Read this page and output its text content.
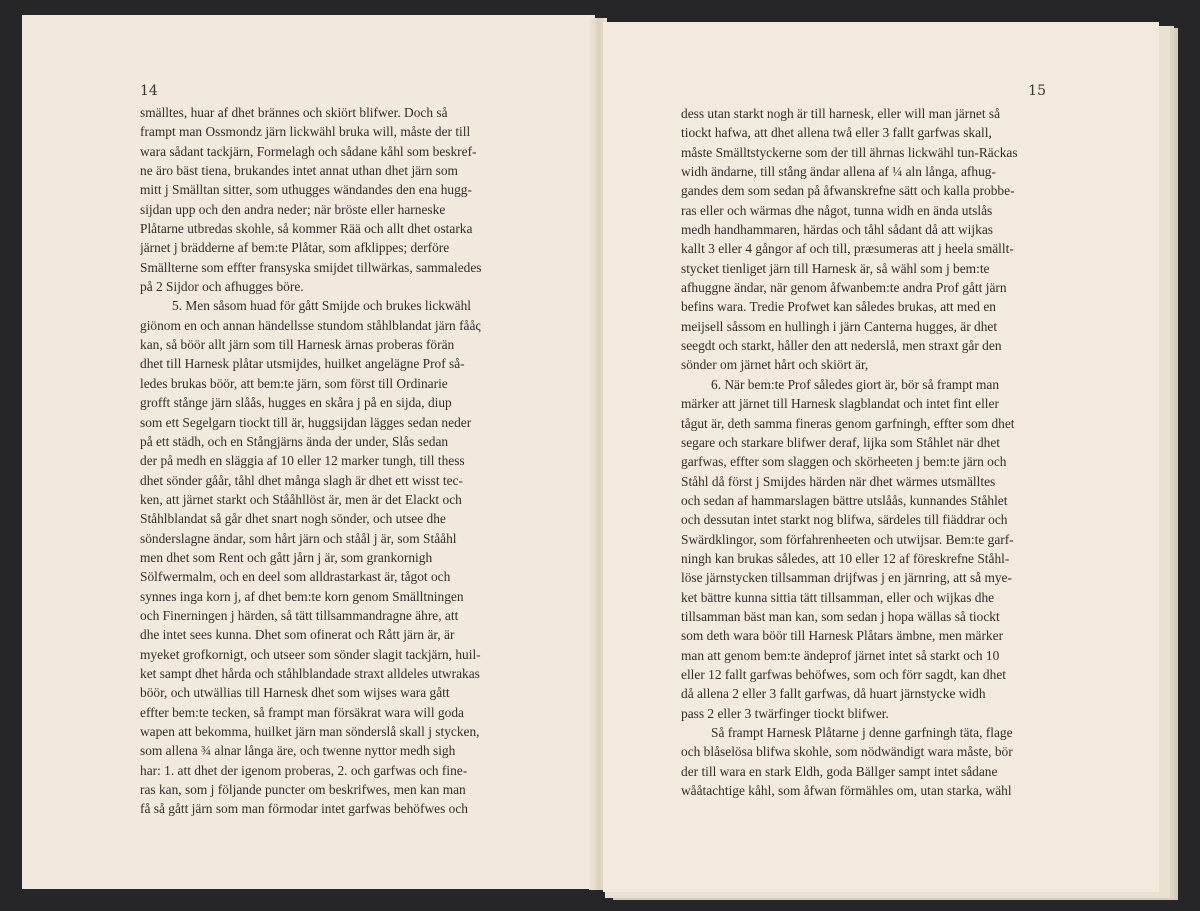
14
smälltes, huar af dhet brännes och skiört blifwer. Doch så
frampt man Ossmondz järn lickwähl bruka will, måste der till
wara sådant tackjärn, Formelagh och sådane kåhl som beskref-
ne äro bäst tiena, brukandes intet annat uthan dhet järn som
mitt j Smälltan sitter, som uthugges wändandes den ena hugg-
sijdan upp och den andra neder; när bröste eller harneske
Plåtarne utbredas skohle, så kommer Rää och allt dhet ostarka
järnet j brädderne af bem:te Plåtar, som afklippes; derföre
Smällterne som effter fransyska smijdet tillwärkas, sammaledes
på 2 Sijdor och afhugges böre.
5. Men såsom huad för gått Smijde och brukes lickwähl
giönom en och annan händellsse stundom ståhlblandat järn fååς
kan, så böör allt järn som till Harnesk ärnas proberas förän
dhet till Harnesk plåtar utsmijdes, huilket angelägne Prof så-
ledes brukas böör, att bem:te järn, som först till Ordinarie
grofft stånge järn slåås, hugges en skåra j på en sijda, diup
som ett Segelgarn tiockt till är, huggsijdan lägges sedan neder
på ett städh, och en Stångjärns ända der under, Slås sedan
der på medh en släggia af 10 eller 12 marker tungh, till thess
dhet sönder gåår, tåhl dhet många slagh är dhet ett wisst tec-
ken, att järnet starkt och Stååhllöst är, men är det Elackt och
Ståhlblandat så går dhet snart nogh sönder, och utsee dhe
sönderslagne ändar, som hårt järn och ståål j är, som Stååhl
men dhet som Rent och gått jårn j är, som grankornigh
Sölfwermalm, och en deel som alldrastarkast är, tågot och
synnes inga korn j, af dhet bem:te korn genom Smälltningen
och Finerningen j härden, så tätt tillsammandragne ähre, att
dhe intet sees kunna. Dhet som ofinerat och Rått järn är, är
myeket grofkornigt, och utseer som sönder slagit tackjärn, huil-
ket sampt dhet hårda och ståhlblandade straxt alldeles utwrakas
böör, och utwällias till Harnesk dhet som wijses wara gått
effter bem:te tecken, så frampt man försäkrat wara will goda
wapen att bekomma, huilket järn man sönderslå skall j stycken,
som allena ¾ alnar långa äre, och twenne nyttor medh sigh
har: 1. att dhet der igenom proberas, 2. och garfwas och fine-
ras kan, som j följande puncter om beskrifwes, men kan man
få så gått järn som man förmodar intet garfwas behöfwes och
15
dess utan starkt nogh är till harnesk, eller will man järnet så
tiockt hafwa, att dhet allena twå eller 3 fallt garfwas skall,
måste Smälltstyckerne som der till ährnas lickwähl tun-Räckas
widh ändarne, till stång ändar allena af ¼ aln långa, afhug-
gandes dem som sedan på åfwanskrefne sätt och kalla probbe-
ras eller och wärmas dhe något, tunna widh en ända utslås
medh handhammaren, härdas och tåhl sådant då att wijkas
kallt 3 eller 4 gångor af och till, præsumeras att j heela smällt-
stycket tienliget järn till Harnesk är, så wähl som j bem:te
afhuggne ändar, när genom åfwanbem:te andra Prof gått järn
befins wara. Tredie Profwet kan således brukas, att med en
meijsell såssom en hullingh i järn Canterna hugges, är dhet
seegdt och starkt, håller den att nederslå, men straxt går den
sönder om järnet hårt och skiört är,
6. När bem:te Prof således giort är, bör så frampt man
märker att järnet till Harnesk slagblandat och intet fint eller
tågut är, deth samma fineras genom garfningh, effter som dhet
segare och starkare blifwer deraf, lijka som Ståhlet när dhet
garfwas, effter som slaggen och skörheeten j bem:te järn och
Ståhl då först j Smijdes härden när dhet wärmes utsmälltes
och sedan af hammarslagen bättre utslåås, kunnandes Ståhlet
och dessutan intet starkt nog blifwa, särdeles till fiäddrar och
Swärdklingor, som förfahrenheeten och utwijsar. Bem:te garf-
ningh kan brukas således, att 10 eller 12 af föreskrefne Ståhl-
löse järnstycken tillsamman drijfwas j en järnring, att så mye-
ket bättre kunna sittia tätt tillsamman, eller och wijkas dhe
tillsamman bäst man kan, som sedan j hopa wällas så tiockt
som deth wara böör till Harnesk Plåtars ämbne, men märker
man att genom bem:te ändeprof järnet intet så starkt och 10
eller 12 fallt garfwas behöfwes, som och förr sagdt, kan dhet
då allena 2 eller 3 fallt garfwas, då huart järnstycke widh
pass 2 eller 3 twärfinger tiockt blifwer.
Så frampt Harnesk Plåtarne j denne garfningh täta, flage
och blåselösa blifwa skohle, som nödwändigt wara måste, bör
der till wara en stark Eldh, goda Bällger sampt intet sådane
wååtachtige kåhl, som åfwan förmähles om, utan starka, wähl
